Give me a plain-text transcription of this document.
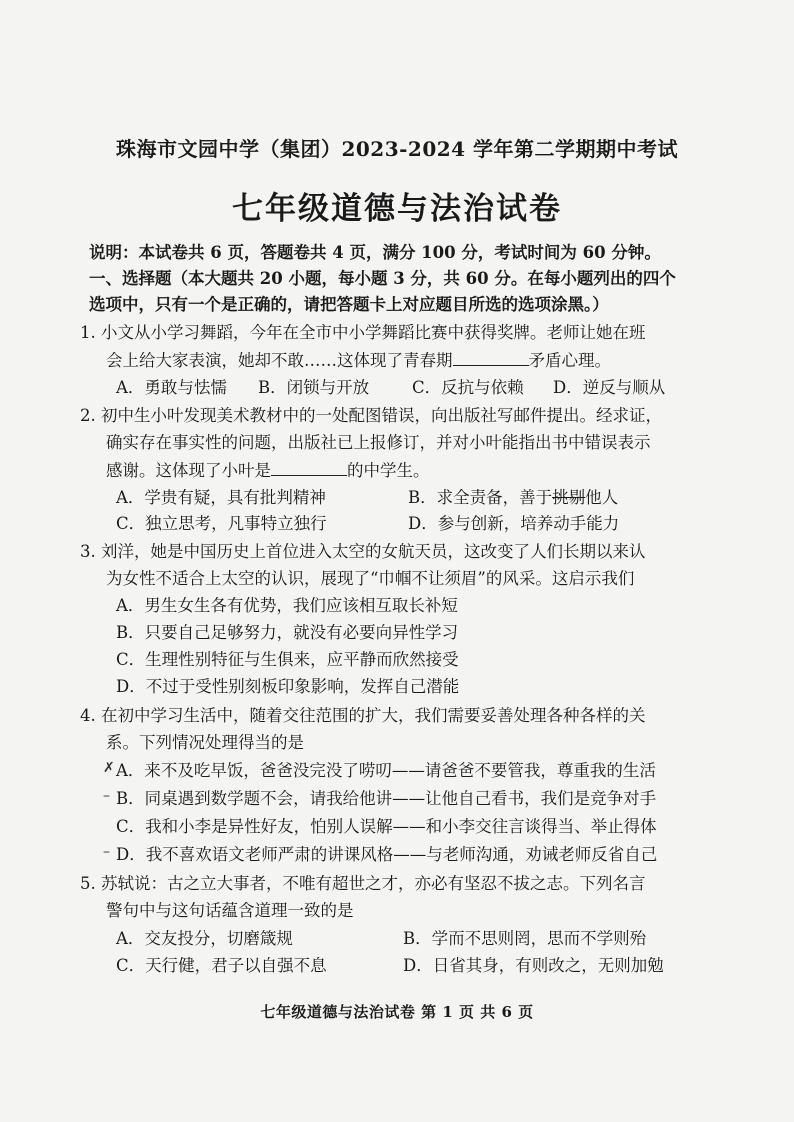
珠海市文园中学（集团）2023-2024 学年第二学期期中考试
七年级道德与法治试卷
说明：本试卷共 6 页，答题卷共 4 页，满分 100 分，考试时间为 60 分钟。
一、选择题（本大题共 20 小题，每小题 3 分，共 60 分。在每小题列出的四个
选项中，只有一个是正确的，请把答题卡上对应题目所选的选项涂黑。）
1. 小文从小学习舞蹈，今年在全市中小学舞蹈比赛中获得奖牌。老师让她在班
会上给大家表演，她却不敢……这体现了青春期	矛盾心理。
A．勇敢与怯懦 B．闭锁与开放	C．反抗与依赖 D．逆反与顺从
2. 初中生小叶发现美术教材中的一处配图错误，向出版社写邮件提出。经求证，
确实存在事实性的问题，出版社已上报修订，并对小叶能指出书中错误表示
感谢。这体现了小叶是	的中学生。
A．学贵有疑，具有批判精神	B．求全责备，善于挑剔他人
C．独立思考，凡事特立独行	D．参与创新，培养动手能力
3. 刘洋，她是中国历史上首位进入太空的女航天员，这改变了人们长期以来认
为女性不适合上太空的认识，展现了“巾帼不让须眉”的风采。这启示我们
A．男生女生各有优势，我们应该相互取长补短
B．只要自己足够努力，就没有必要向异性学习
C．生理性别特征与生俱来，应平静而欣然接受
D．不过于受性别刻板印象影响，发挥自己潜能
4. 在初中学习生活中，随着交往范围的扩大，我们需要妥善处理各种各样的关
系。下列情况处理得当的是
A．来不及吃早饭，爸爸没完没了唠叨——请爸爸不要管我，尊重我的生活
B．同桌遇到数学题不会，请我给他讲——让他自己看书，我们是竞争对手
C．我和小李是异性好友，怕别人误解——和小李交往言谈得当、举止得体
D．我不喜欢语文老师严肃的讲课风格——与老师沟通，劝诫老师反省自己
✗
–
–
5. 苏轼说：古之立大事者，不唯有超世之才，亦必有坚忍不拔之志。下列名言
警句中与这句话蕴含道理一致的是
A．交友投分，切磨箴规	B．学而不思则罔，思而不学则殆
C．天行健，君子以自强不息	D．日省其身，有则改之，无则加勉
七年级道德与法治试卷 第 1 页 共 6 页
